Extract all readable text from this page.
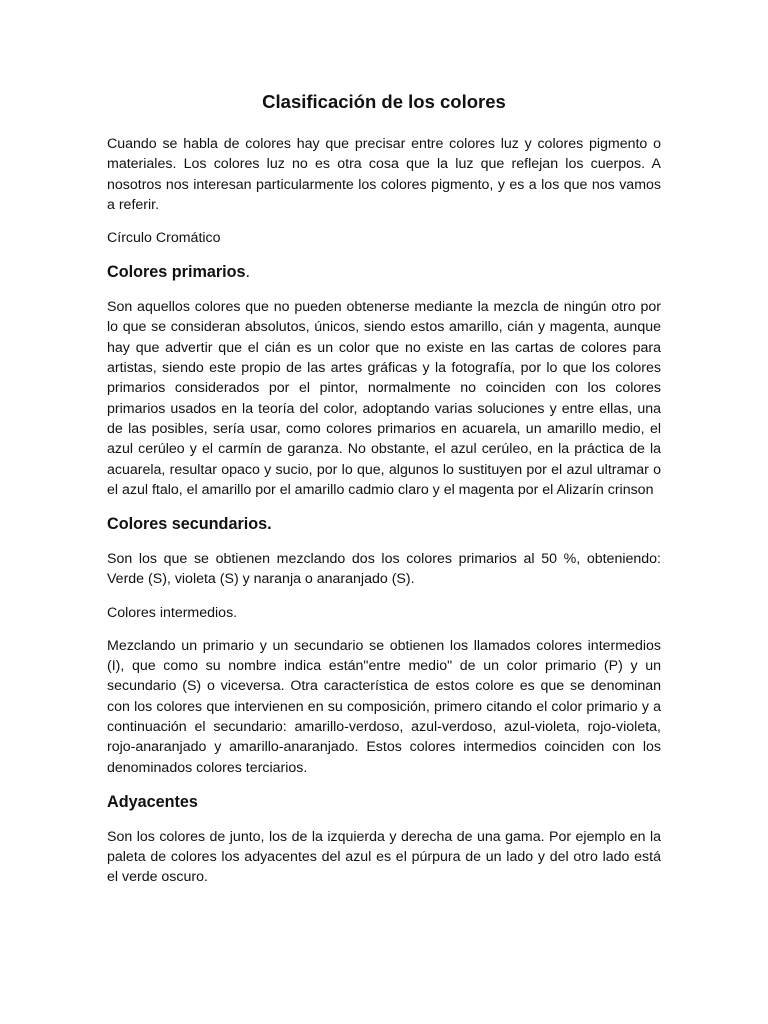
Clasificación de los colores

Cuando se habla de colores hay que precisar entre colores luz y colores pigmento o materiales. Los colores luz no es otra cosa que la luz que reflejan los cuerpos. A nosotros nos interesan particularmente los colores pigmento, y es a los que nos vamos a referir.

Círculo Cromático

Colores primarios.

Son aquellos colores que no pueden obtenerse mediante la mezcla de ningún otro por lo que se consideran absolutos, únicos, siendo estos amarillo, cián y magenta, aunque hay que advertir que el cián es un color que no existe en las cartas de colores para artistas, siendo este propio de las artes gráficas y la fotografía, por lo que los colores primarios considerados por el pintor, normalmente no coinciden con los colores primarios usados en la teoría del color, adoptando varias soluciones y entre ellas, una de las posibles, sería usar, como colores primarios en acuarela, un amarillo medio, el azul cerúleo y el carmín de garanza. No obstante, el azul cerúleo, en la práctica de la acuarela, resultar opaco y sucio, por lo que, algunos lo sustituyen por el azul ultramar o el azul ftalo, el amarillo por el amarillo cadmio claro y el magenta por el Alizarín crinson

Colores secundarios.

Son los que se obtienen mezclando dos los colores primarios al 50 %, obteniendo: Verde (S), violeta (S) y naranja o anaranjado (S).

Colores intermedios.

Mezclando un primario y un secundario se obtienen los llamados colores intermedios (I), que como su nombre indica están"entre medio" de un color primario (P) y un secundario (S) o viceversa. Otra característica de estos colore es que se denominan con los colores que intervienen en su composición, primero citando el color primario y a continuación el secundario: amarillo-verdoso, azul-verdoso, azul-violeta, rojo-violeta, rojo-anaranjado y amarillo-anaranjado. Estos colores intermedios coinciden con los denominados colores terciarios.

Adyacentes

Son los colores de junto, los de la izquierda y derecha de una gama. Por ejemplo en la paleta de colores los adyacentes del azul es el púrpura de un lado y del otro lado está el verde oscuro.
